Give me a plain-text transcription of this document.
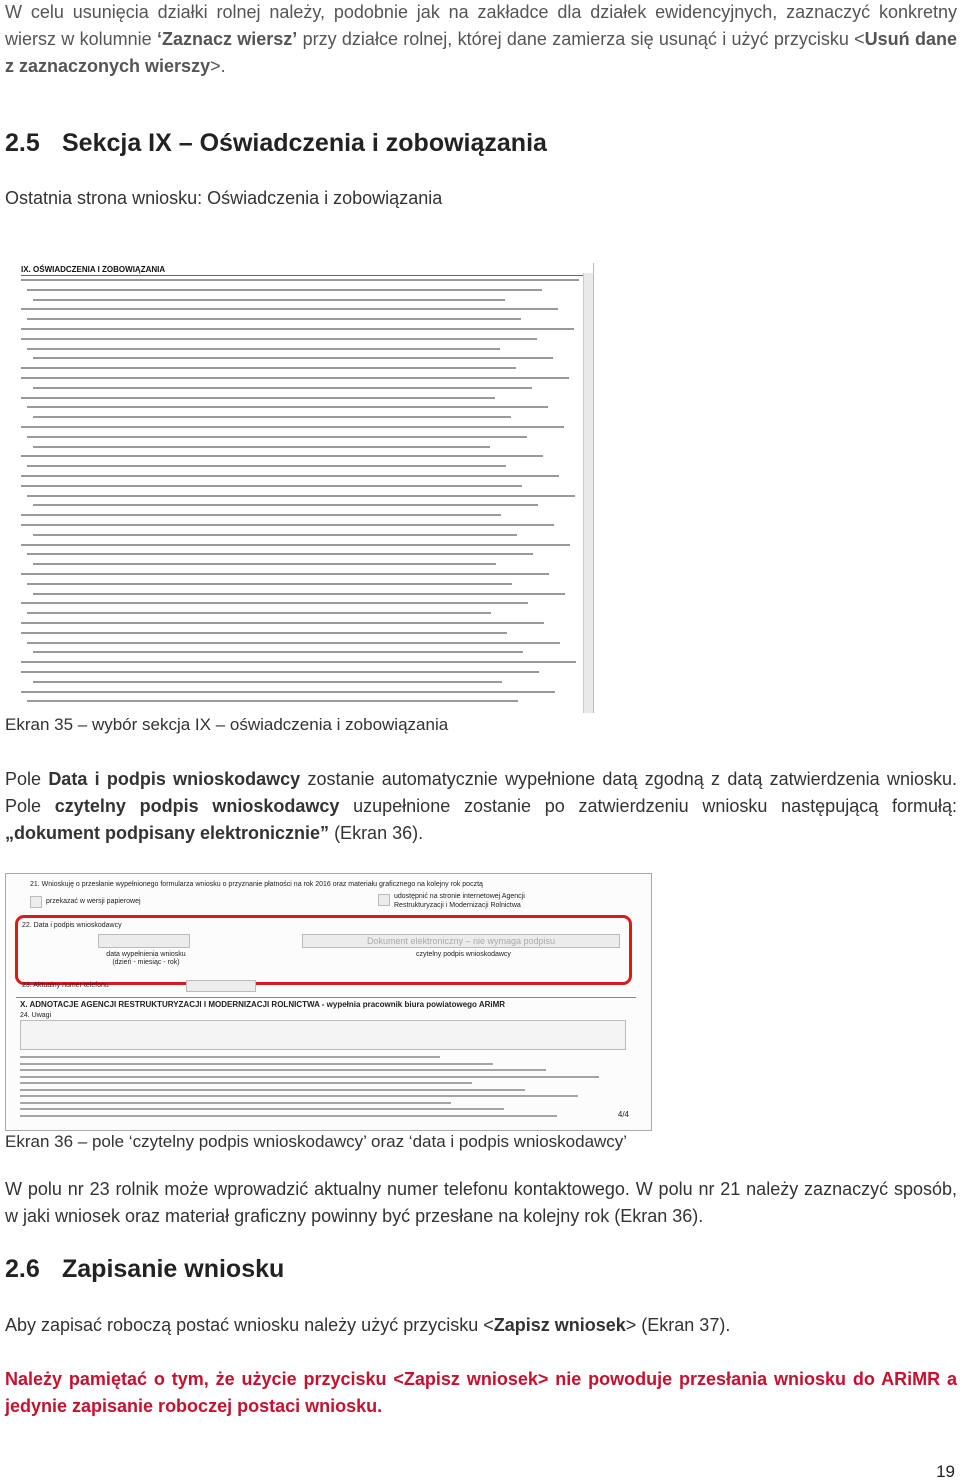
W celu usunięcia działki rolnej należy, podobnie jak na zakładce dla działek ewidencyjnych, zaznaczyć konkretny wiersz w kolumnie ‘Zaznacz wiersz’ przy działce rolnej, której dane zamierza się usunąć i użyć przycisku <Usuń dane z zaznaczonych wierszy>.
2.5 Sekcja IX – Oświadczenia i zobowiązania
Ostatnia strona wniosku: Oświadczenia i zobowiązania
IX. OŚWIADCZENIA I ZOBOWIĄZANIA
Ekran 35 – wybór sekcja IX – oświadczenia i zobowiązania
Pole Data i podpis wnioskodawcy zostanie automatycznie wypełnione datą zgodną z datą zatwierdzenia wniosku. Pole czytelny podpis wnioskodawcy uzupełnione zostanie po zatwierdzeniu wniosku następującą formułą: „dokument podpisany elektronicznie” (Ekran 36).
21. Wnioskuję o przesłanie wypełnionego formularza wniosku o przyznanie płatności na rok 2016 oraz materiału graficznego na kolejny rok pocztą
przekazać w wersji papierowej
udostępnić na stronie internetowej Agencji Restrukturyzacji i Modernizacji Rolnictwa
22. Data i podpis wnioskodawcy
Dokument elektroniczny – nie wymaga podpisu
data wypełnienia wniosku (dzień - miesiąc - rok)
czytelny podpis wnioskodawcy
23. Aktualny numer telefonu
X. ADNOTACJE AGENCJI RESTRUKTURYZACJI I MODERNIZACJI ROLNICTWA - wypełnia pracownik biura powiatowego ARiMR
24. Uwagi
4/4
Ekran 36 – pole ‘czytelny podpis wnioskodawcy’ oraz ‘data i podpis wnioskodawcy’
W polu nr 23 rolnik może wprowadzić aktualny numer telefonu kontaktowego. W polu nr 21 należy zaznaczyć sposób, w jaki wniosek oraz materiał graficzny powinny być przesłane na kolejny rok (Ekran 36).
2.6 Zapisanie wniosku
Aby zapisać roboczą postać wniosku należy użyć przycisku <Zapisz wniosek> (Ekran 37).
Należy pamiętać o tym, że użycie przycisku <Zapisz wniosek> nie powoduje przesłania wniosku do ARiMR a jedynie zapisanie roboczej postaci wniosku.
19
